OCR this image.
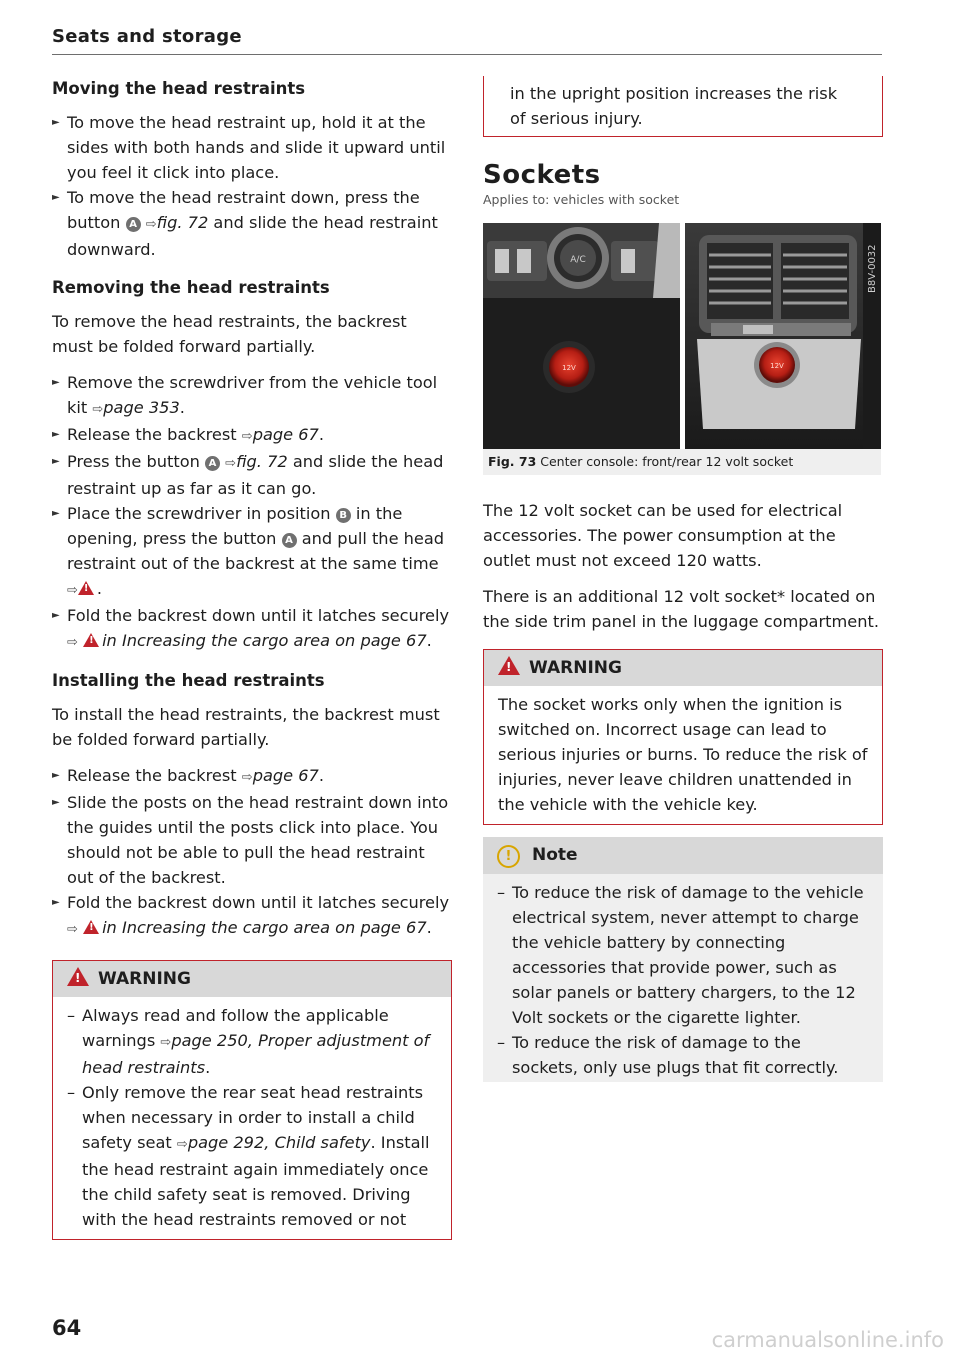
Seats and storage
Moving the head restraints

► To move the head restraint up, hold it at the sides with both hands and slide it upward until you feel it click into place.

► To move the head restraint down, press the button A ⇨fig. 72 and slide the head restraint downward.

Removing the head restraints

To remove the head restraints, the backrest must be folded forward partially.

► Remove the screwdriver from the vehicle tool kit ⇨page 353.

► Release the backrest ⇨page 67.

► Press the button A ⇨fig. 72 and slide the head restraint up as far as it can go.

► Place the screwdriver in position B in the opening, press the button A and pull the head restraint out of the backrest at the same time
⇨ ! .

► Fold the backrest down until it latches securely
⇨ ! in Increasing the cargo area on page 67.

Installing the head restraints

To install the head restraints, the backrest must be folded forward partially.

► Release the backrest ⇨page 67.

► Slide the posts on the head restraint down into the guides until the posts click into place. You should not be able to pull the head restraint out of the backrest.

► Fold the backrest down until it latches securely
⇨ ! in Increasing the cargo area on page 67.

!WARNING

– Always read and follow the applicable warnings ⇨page 250, Proper adjustment of head restraints.

– Only remove the rear seat head restraints when necessary in order to install a child safety seat ⇨page 292, Child safety. Install the head restraint again immediately once the child safety seat is removed. Driving with the head restraints removed or not

in the upright position increases the risk of serious injury.
Sockets
Applies to: vehicles with socket
A/C
12V	12V
B8V-0032
Fig. 73 Center console: front/rear 12 volt socket

The 12 volt socket can be used for electrical accessories. The power consumption at the outlet must not exceed 120 watts.

There is an additional 12 volt socket* located on the side trim panel in the luggage compartment.

!WARNING
The socket works only when the ignition is switched on. Incorrect usage can lead to serious injuries or burns. To reduce the risk of injuries, never leave children unattended in the vehicle with the vehicle key.
! Note

– To reduce the risk of damage to the vehicle electrical system, never attempt to charge the vehicle battery by connecting accessories that provide power, such as solar panels or battery chargers, to the 12 Volt sockets or the cigarette lighter.

– To reduce the risk of damage to the sockets, only use plugs that fit correctly.

64	carmanualsonline.info
